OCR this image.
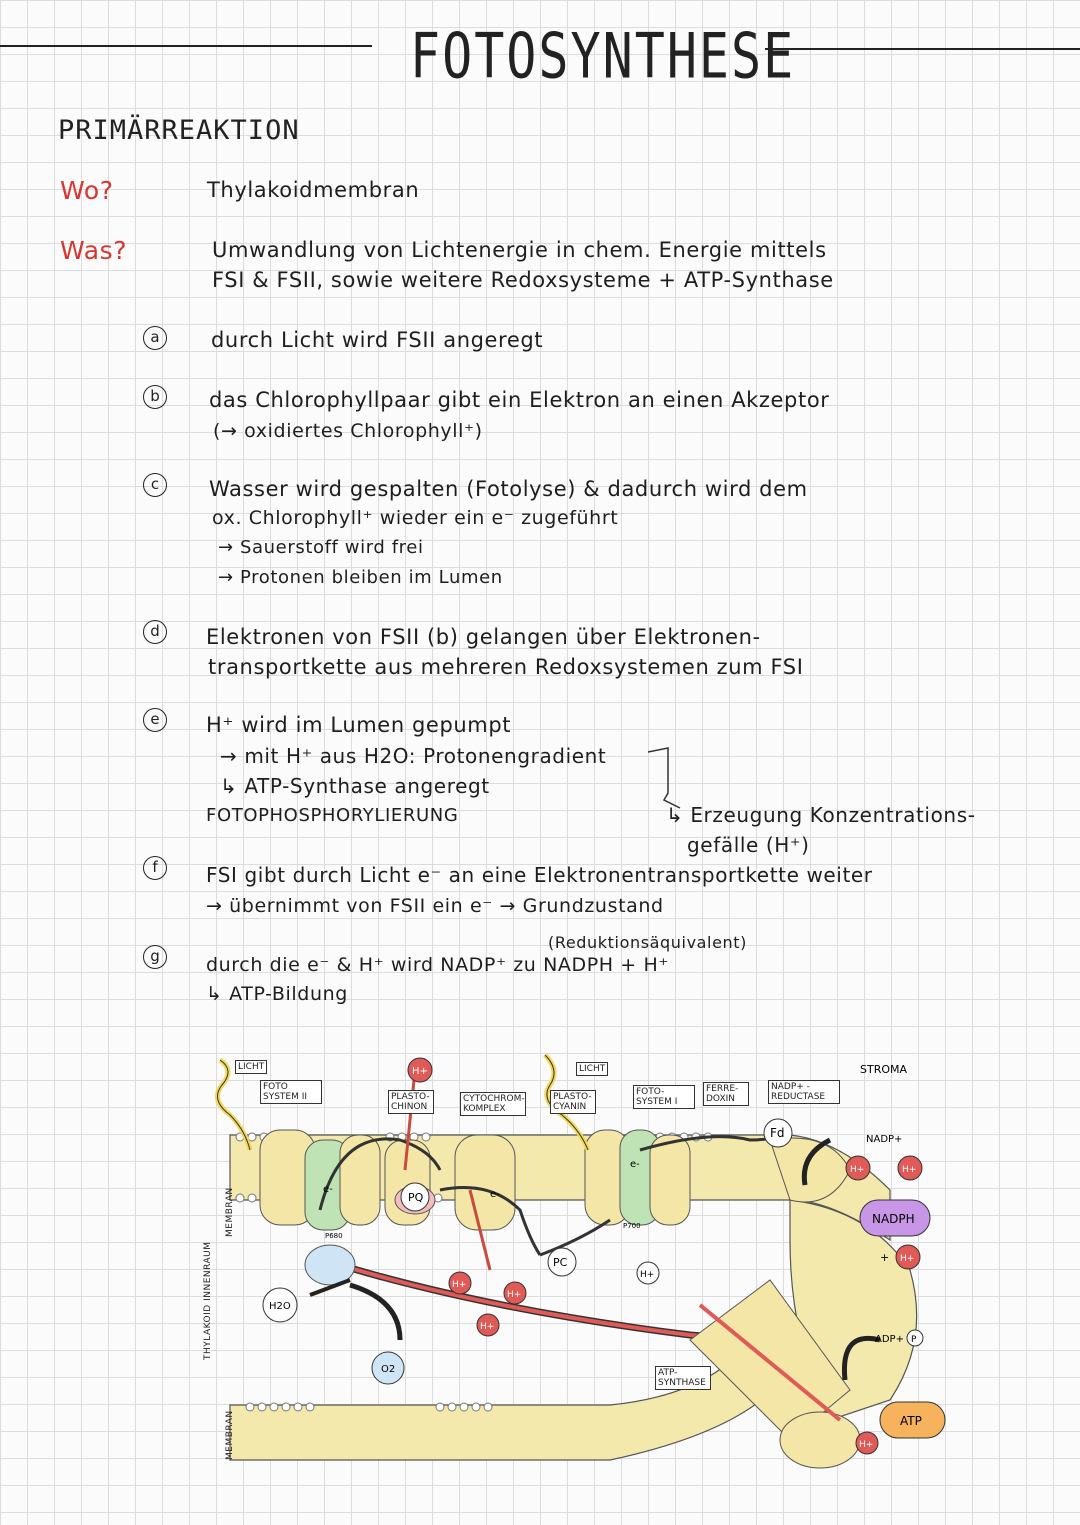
FOTOSYNTHESE
PRIMÄRREAKTION
Wo?	Thylakoidmembran
Was?	Umwandlung von Lichtenergie in chem. Energie mittels
FSI & FSII, sowie weitere Redoxsysteme + ATP-Synthase
a	durch Licht wird FSII angeregt
b	das Chlorophyllpaar gibt ein Elektron an einen Akzeptor
(→ oxidiertes Chlorophyll⁺)
c	Wasser wird gespalten (Fotolyse) & dadurch wird dem
ox. Chlorophyll⁺ wieder ein e⁻ zugeführt
→ Sauerstoff wird frei
→ Protonen bleiben im Lumen
d	Elektronen von FSII (b) gelangen über Elektronen-
transportkette aus mehreren Redoxsystemen zum FSI
e	H⁺ wird im Lumen gepumpt
→ mit H⁺ aus H2O: Protonengradient
↳ ATP-Synthase angeregt
FOTOPHOSPHORYLIERUNG	↳ Erzeugung Konzentrations-
gefälle (H⁺)
f	FSI gibt durch Licht e⁻ an eine Elektronentransportkette weiter
→ übernimmt von FSII ein e⁻ → Grundzustand
g
(Reduktionsäquivalent)
durch die e⁻ & H⁺ wird NADP⁺ zu NADPH + H⁺
↳ ATP-Bildung
PQ
PC
Fd
P680
P700
e-	e-
e-
H2O
O2
H+
H+
H+
H+
H+
H+	H+
H+
H+
NADP+
NADPH
+
ADP+ P
ATP
STROMA
LICHT
FOTO SYSTEM II	PLASTO- CHINON
CYTOCHROM- KOMPLEX
PLASTO- CYANIN
LICHT
FOTO- SYSTEM I
FERRE- DOXIN
NADP+ - REDUCTASE
ATP- SYNTHASE
MEMBRAN
THYLAKOID INNENRAUM
MEMBRAN
